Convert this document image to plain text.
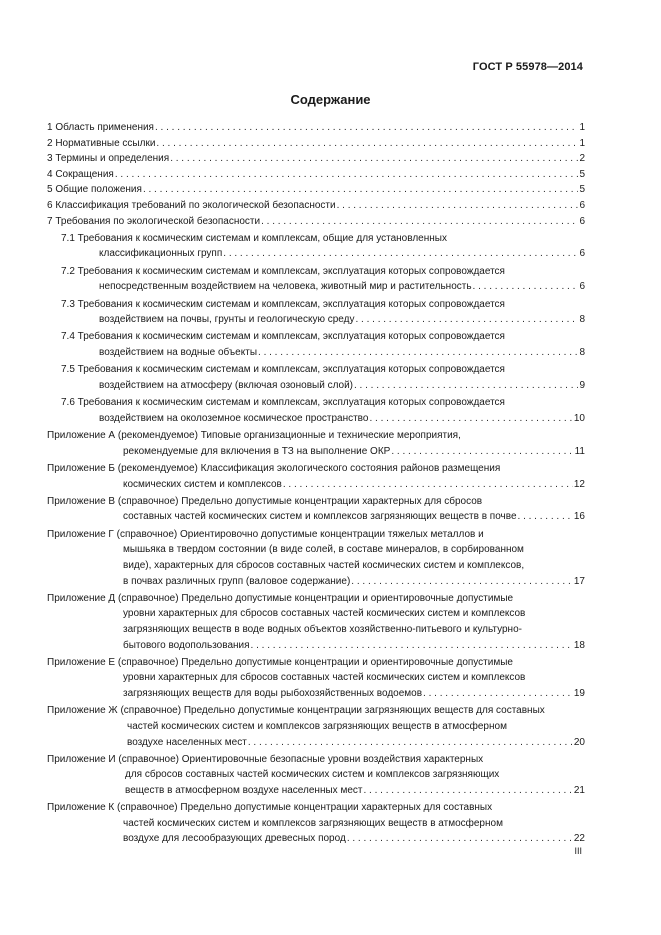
ГОСТ Р 55978—2014
Содержание
1 Область применения . . .	1
2 Нормативные ссылки . . .	1
3 Термины и определения . . .	2
4 Сокращения . . .	5
5 Общие положения . . .	5
6 Классификация требований по экологической безопасности . . .	6
7 Требования по экологической безопасности . . .	6
7.1 Требования к космическим системам и комплексам, общие для установленных
классификационных групп . . .	6
7.2 Требования к космическим системам и комплексам, эксплуатация которых сопровождается
непосредственным воздействием на человека, животный мир и растительность . . .	6
7.3 Требования к космическим системам и комплексам, эксплуатация которых сопровождается
воздействием на почвы, грунты и геологическую среду . . .	8
7.4 Требования к космическим системам и комплексам, эксплуатация которых сопровождается
воздействием на водные объекты . . .	8
7.5 Требования к космическим системам и комплексам, эксплуатация которых сопровождается
воздействием на атмосферу (включая озоновый слой) . . .	9
7.6 Требования к космическим системам и комплексам, эксплуатация которых сопровождается
воздействием на околоземное космическое пространство . . .	10
Приложение А (рекомендуемое) Типовые организационные и технические мероприятия,
рекомендуемые для включения в ТЗ на выполнение ОКР . . .	11
Приложение Б (рекомендуемое) Классификация экологического состояния районов размещения
космических систем и комплексов . . .	12
Приложение В (справочное) Предельно допустимые концентрации характерных для сбросов
составных частей космических систем и комплексов загрязняющих веществ в почве . . .	16
Приложение Г (справочное) Ориентировочно допустимые концентрации тяжелых металлов и
мышьяка в твердом состоянии (в виде солей, в составе минералов, в сорбированном
виде), характерных для сбросов составных частей космических систем и комплексов,
в почвах различных групп (валовое содержание) . . .	17
Приложение Д (справочное) Предельно допустимые концентрации и ориентировочные допустимые
уровни характерных для сбросов составных частей космических систем и комплексов
загрязняющих веществ в воде водных объектов хозяйственно-питьевого и культурно-
бытового водопользования . . .	18
Приложение Е (справочное) Предельно допустимые концентрации и ориентировочные допустимые
уровни характерных для сбросов составных частей космических систем и комплексов
загрязняющих веществ для воды рыбохозяйственных водоемов . . .	19
Приложение Ж (справочное) Предельно допустимые концентрации загрязняющих веществ для составных
частей космических систем и комплексов загрязняющих веществ в атмосферном
воздухе населенных мест . . .	20
Приложение И (справочное) Ориентировочные безопасные уровни воздействия характерных
для сбросов составных частей космических систем и комплексов загрязняющих
веществ в атмосферном воздухе населенных мест . . .	21
Приложение К (справочное) Предельно допустимые концентрации характерных для составных
частей космических систем и комплексов загрязняющих веществ в атмосферном
воздухе для лесообразующих древесных пород . . .	22
III
